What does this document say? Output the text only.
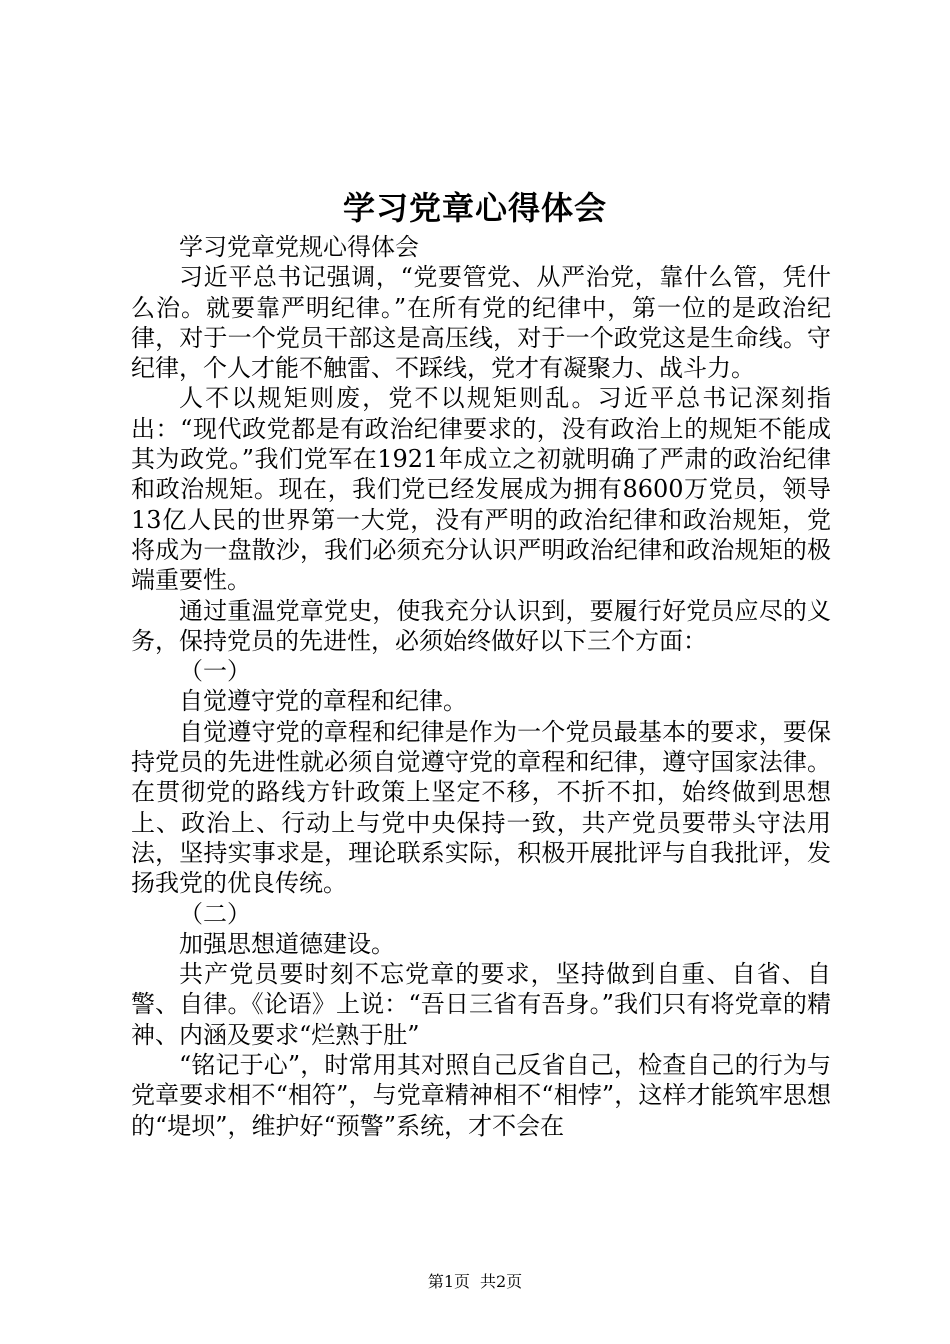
学习党章心得体会

学习党章党规心得体会

习近平总书记强调，“党要管党、从严治党，靠什么管，凭什么治。就要靠严明纪律。”在所有党的纪律中，第一位的是政治纪律，对于一个党员干部这是高压线，对于一个政党这是生命线。守纪律，个人才能不触雷、不踩线，党才有凝聚力、战斗力。

人不以规矩则废，党不以规矩则乱。习近平总书记深刻指出：“现代政党都是有政治纪律要求的，没有政治上的规矩不能成其为政党。”我们党军在1921年成立之初就明确了严肃的政治纪律和政治规矩。现在，我们党已经发展成为拥有8600万党员，领导13亿人民的世界第一大党，没有严明的政治纪律和政治规矩，党将成为一盘散沙，我们必须充分认识严明政治纪律和政治规矩的极端重要性。

通过重温党章党史，使我充分认识到，要履行好党员应尽的义务，保持党员的先进性，必须始终做好以下三个方面：

（一）

自觉遵守党的章程和纪律。

自觉遵守党的章程和纪律是作为一个党员最基本的要求，要保持党员的先进性就必须自觉遵守党的章程和纪律，遵守国家法律。在贯彻党的路线方针政策上坚定不移，不折不扣，始终做到思想上、政治上、行动上与党中央保持一致，共产党员要带头守法用法，坚持实事求是，理论联系实际，积极开展批评与自我批评，发扬我党的优良传统。

（二）

加强思想道德建设。

共产党员要时刻不忘党章的要求，坚持做到自重、自省、自警、自律。《论语》上说：“吾日三省有吾身。”我们只有将党章的精神、内涵及要求“烂熟于肚”

“铭记于心”，时常用其对照自己反省自己，检查自己的行为与党章要求相不“相符”，与党章精神相不“相悖”，这样才能筑牢思想的“堤坝”，维护好“预警”系统，才不会在

第1页 共2页
